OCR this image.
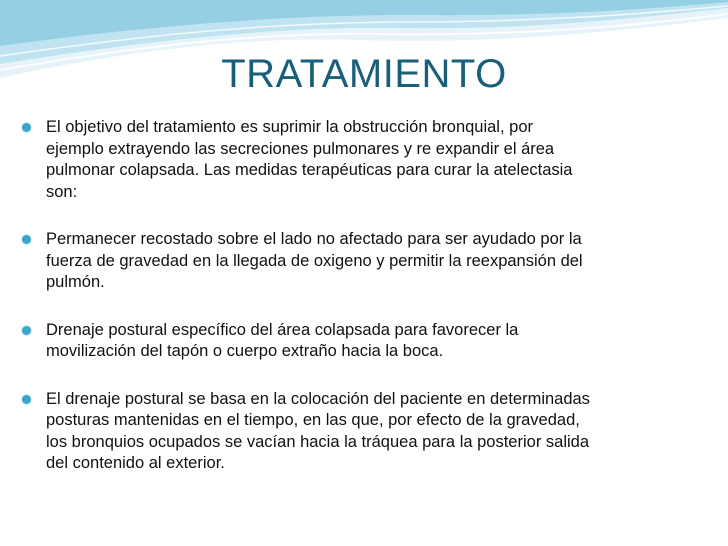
TRATAMIENTO
El objetivo del tratamiento es suprimir la obstrucción bronquial, por
ejemplo extrayendo las secreciones pulmonares y re expandir el área
pulmonar colapsada. Las medidas terapéuticas para curar la atelectasia
son:
Permanecer recostado sobre el lado no afectado para ser ayudado por la
fuerza de gravedad en la llegada de oxigeno y permitir la reexpansión del
pulmón.
Drenaje postural específico del área colapsada para favorecer la
movilización del tapón o cuerpo extraño hacia la boca.
El drenaje postural se basa en la colocación del paciente en determinadas
posturas mantenidas en el tiempo, en las que, por efecto de la gravedad,
los bronquios ocupados se vacían hacia la tráquea para la posterior salida
del contenido al exterior.
